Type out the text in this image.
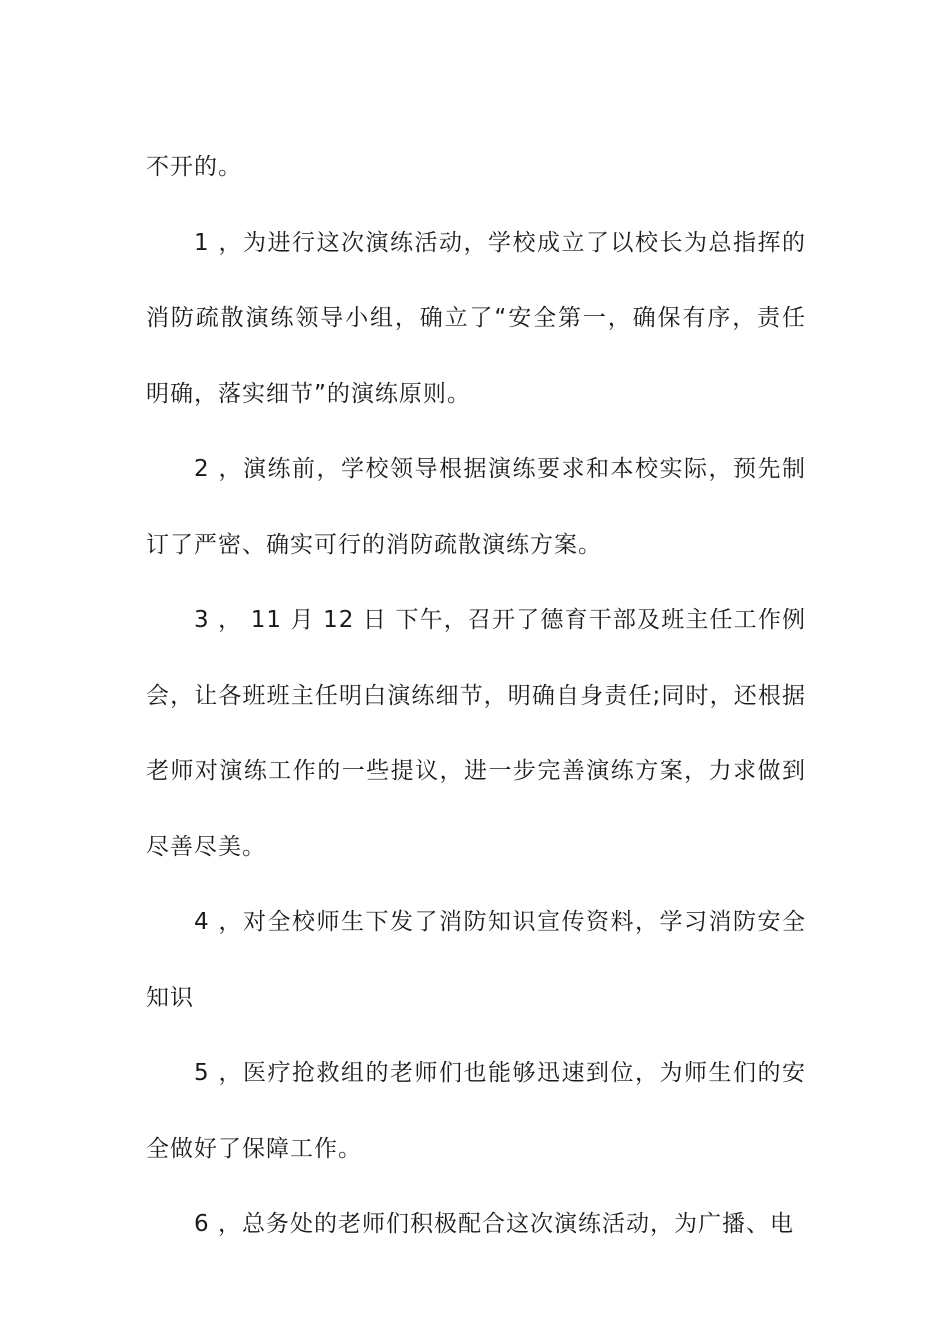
不开的。

1 ，为进行这次演练活动，学校成立了以校长为总指挥的消防疏散演练领导小组，确立了“安全第一，确保有序，责任明确，落实细节”的演练原则。

2 ，演练前，学校领导根据演练要求和本校实际，预先制订了严密、确实可行的消防疏散演练方案。

3 ， 11 月 12 日 下午，召开了德育干部及班主任工作例会，让各班班主任明白演练细节，明确自身责任;同时，还根据老师对演练工作的一些提议，进一步完善演练方案，力求做到尽善尽美。

4 ，对全校师生下发了消防知识宣传资料，学习消防安全知识

5 ，医疗抢救组的老师们也能够迅速到位，为师生们的安全做好了保障工作。

6 ，总务处的老师们积极配合这次演练活动，为广播、电
